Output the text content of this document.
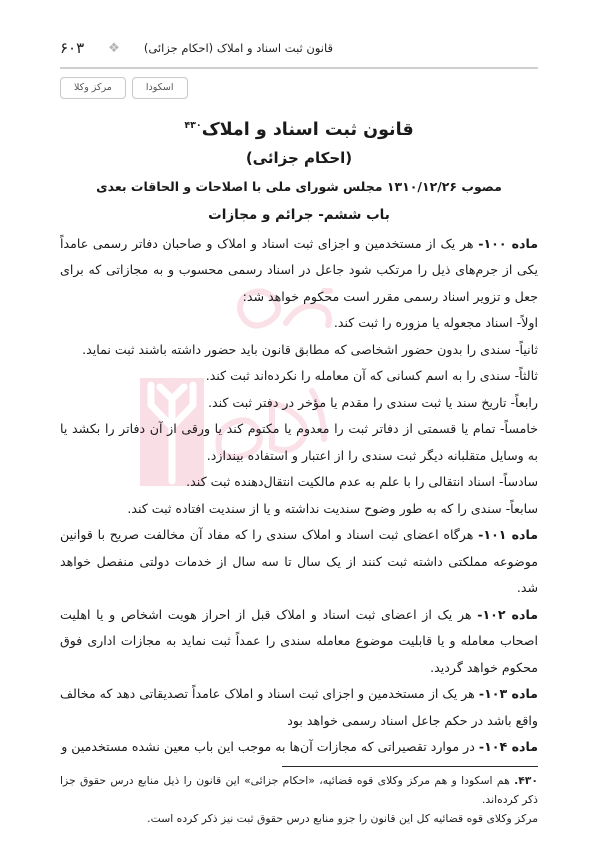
۶۰۳ ❖ قانون ثبت اسناد و املاک (احکام جزائی)
مرکز وکلا	اسکودا
قانون ثبت اسناد و املاک$^{۴۳۰}$
(احکام جزائی)
مصوب ۱۳۱۰/۱۲/۲۶ مجلس شورای ملی با اصلاحات و الحاقات بعدی
باب ششم- جرائم و مجازات

ماده ۱۰۰- هر یک از مستخدمین و اجزای ثبت اسناد و املاک و صاحبان دفاتر رسمی عامداً یکی از جرم‌های ذیل را مرتکب شود جاعل در اسناد رسمی محسوب و به مجازاتی که برای جعل و تزویر اسناد رسمی مقرر است محکوم خواهد شد:

اولاً- اسناد مجعوله یا مزوره را ثبت کند.

ثانیاً- سندی را بدون حضور اشخاصی که مطابق قانون باید حضور داشته باشند ثبت نماید.

ثالثاً- سندی را به اسم کسانی که آن معامله را نکرده‌اند ثبت کند.

رابعاً- تاریخ سند یا ثبت سندی را مقدم یا مؤخر در دفتر ثبت کند.

خامساً- تمام یا قسمتی از دفاتر ثبت را معدوم یا مکتوم کند یا ورقی از آن دفاتر را بکشد یا به وسایل متقلبانه دیگر ثبت سندی را از اعتبار و استفاده بیندازد.

سادساً- اسناد انتقالی را با علم به عدم مالکیت انتقال‌دهنده ثبت کند.

سابعاً- سندی را که به طور وضوح سندیت نداشته و یا از سندیت افتاده ثبت کند.

ماده ۱۰۱- هرگاه اعضای ثبت اسناد و املاک سندی را که مفاد آن مخالفت صریح با قوانین موضوعه مملکتی داشته ثبت کنند از یک سال تا سه سال از خدمات دولتی منفصل خواهد شد.

ماده ۱۰۲- هر یک از اعضای ثبت اسناد و املاک قبل از احراز هویت اشخاص و یا اهلیت اصحاب معامله و یا قابلیت موضوع معامله سندی را عمداً ثبت نماید به مجازات اداری فوق محکوم خواهد گردید.

ماده ۱۰۳- هر یک از مستخدمین و اجزای ثبت اسناد و املاک عامداً تصدیقاتی دهد که مخالف واقع باشد در حکم جاعل اسناد رسمی خواهد بود

ماده ۱۰۴- در موارد تقصیراتی که مجازات آن‌ها به موجب این باب معین نشده مستخدمین و

۴۳۰. هم اسکودا و هم مرکز وکلای قوه قضائیه، «احکام جزائی» این قانون را ذیل منابع درس حقوق جزا ذکر کرده‌اند.

مرکز وکلای قوه قضائیه کل این قانون را جزو منابع درس حقوق ثبت نیز ذکر کرده است.
